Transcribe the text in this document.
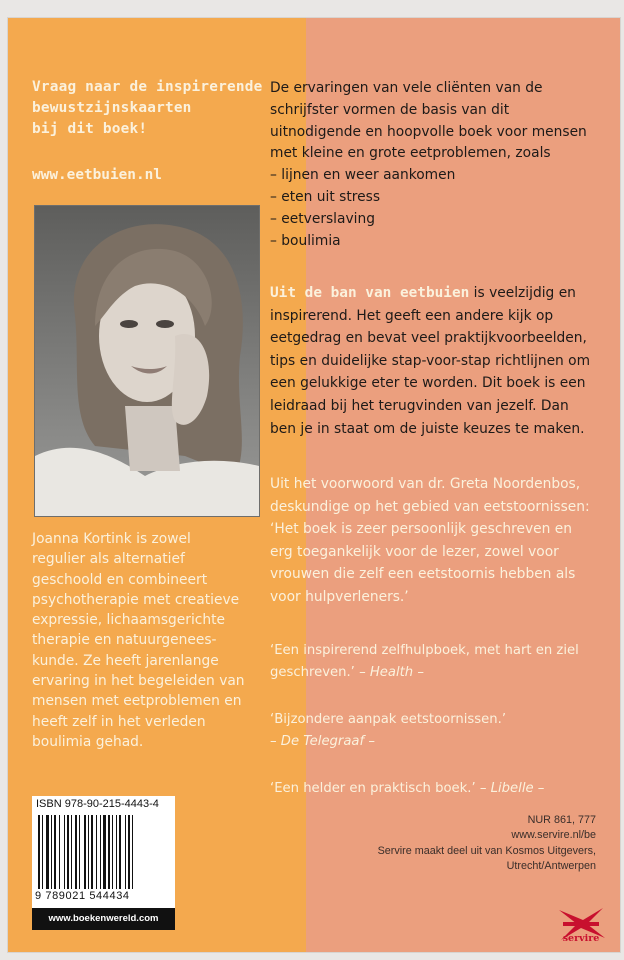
Vraag naar de inspirerende
bewustzijnskaarten
bij dit boek!
www.eetbuien.nl
Joanna Kortink is zowel
regulier als alternatief
geschoold en combineert
psychotherapie met creatieve
expressie, lichaamsgerichte
therapie en natuurgenees-
kunde. Ze heeft jarenlange
ervaring in het begeleiden van
mensen met eetproblemen en
heeft zelf in het verleden
boulimia gehad.
ISBN 978-90-215-4443-4
9 789021 544434
www.boekenwereld.com
De ervaringen van vele cliënten van de
schrijfster vormen de basis van dit
uitnodigende en hoopvolle boek voor mensen
met kleine en grote eetproblemen, zoals
– lijnen en weer aankomen
– eten uit stress
– eetverslaving
– boulimia
Uit de ban van eetbuien is veelzijdig en
inspirerend. Het geeft een andere kijk op
eetgedrag en bevat veel praktijkvoorbeelden,
tips en duidelijke stap-voor-stap richtlijnen om
een gelukkige eter te worden. Dit boek is een
leidraad bij het terugvinden van jezelf. Dan
ben je in staat om de juiste keuzes te maken.
Uit het voorwoord van dr. Greta Noordenbos,
deskundige op het gebied van eetstoornissen:
‘Het boek is zeer persoonlijk geschreven en
erg toegankelijk voor de lezer, zowel voor
vrouwen die zelf een eetstoornis hebben als
voor hulpverleners.’
‘Een inspirerend zelfhulpboek, met hart en ziel
geschreven.’ – Health –
‘Bijzondere aanpak eetstoornissen.’
– De Telegraaf –
‘Een helder en praktisch boek.’ – Libelle –
NUR 861, 777
www.servire.nl/be
Servire maakt deel uit van Kosmos Uitgevers,
Utrecht/Antwerpen
servire
